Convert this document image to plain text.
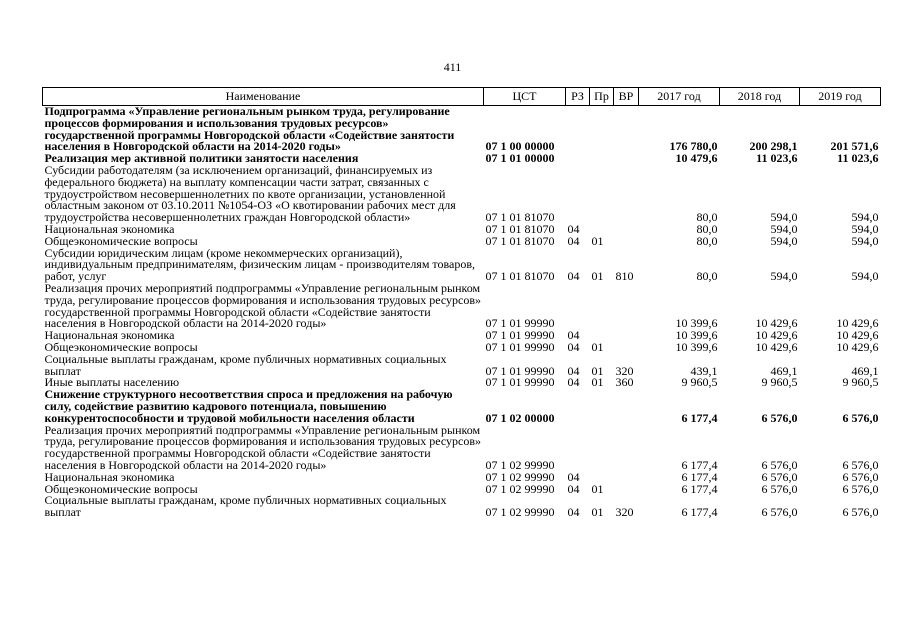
411
Наименование	ЦСТ	РЗ	Пр	ВР	2017 год	2018 год	2019 год
Подпрограмма «Управление региональным рынком труда, регулирование процессов формирования и использования трудовых ресурсов» государственной программы Новгородской области «Содействие занятости населения в Новгородской области на 2014-2020 годы»	07 1 00 00000				176 780,0	200 298,1	201 571,6
Реализация мер активной политики занятости населения	07 1 01 00000				10 479,6	11 023,6	11 023,6
Субсидии работодателям (за исключением организаций, финансируемых из федерального бюджета) на выплату компенсации части затрат, связанных с трудоустройством несовершеннолетних по квоте организации, установленной областным законом от 03.10.2011 №1054-ОЗ «О квотировании рабочих мест для трудоустройства несовершеннолетних граждан Новгородской области»	07 1 01 81070				80,0	594,0	594,0
Национальная экономика	07 1 01 81070	04			80,0	594,0	594,0
Общеэкономические вопросы	07 1 01 81070	04	01		80,0	594,0	594,0
Субсидии юридическим лицам (кроме некоммерческих организаций), индивидуальным предпринимателям, физическим лицам - производителям товаров, работ, услуг	07 1 01 81070	04	01	810	80,0	594,0	594,0
Реализация прочих мероприятий подпрограммы «Управление региональным рынком труда, регулирование процессов формирования и использования трудовых ресурсов» государственной программы Новгородской области «Содействие занятости населения в Новгородской области на 2014-2020 годы»	07 1 01 99990				10 399,6	10 429,6	10 429,6
Национальная экономика	07 1 01 99990	04			10 399,6	10 429,6	10 429,6
Общеэкономические вопросы	07 1 01 99990	04	01		10 399,6	10 429,6	10 429,6
Социальные выплаты гражданам, кроме публичных нормативных социальных выплат	07 1 01 99990	04	01	320	439,1	469,1	469,1
Иные выплаты населению	07 1 01 99990	04	01	360	9 960,5	9 960,5	9 960,5
Снижение структурного несоответствия спроса и предложения на рабочую силу, содействие развитию кадрового потенциала, повышению конкурентоспособности и трудовой мобильности населения области	07 1 02 00000				6 177,4	6 576,0	6 576,0
Реализация прочих мероприятий подпрограммы «Управление региональным рынком труда, регулирование процессов формирования и использования трудовых ресурсов» государственной программы Новгородской области «Содействие занятости населения в Новгородской области на 2014-2020 годы»	07 1 02 99990				6 177,4	6 576,0	6 576,0
Национальная экономика	07 1 02 99990	04			6 177,4	6 576,0	6 576,0
Общеэкономические вопросы	07 1 02 99990	04	01		6 177,4	6 576,0	6 576,0
Социальные выплаты гражданам, кроме публичных нормативных социальных выплат	07 1 02 99990	04	01	320	6 177,4	6 576,0	6 576,0
